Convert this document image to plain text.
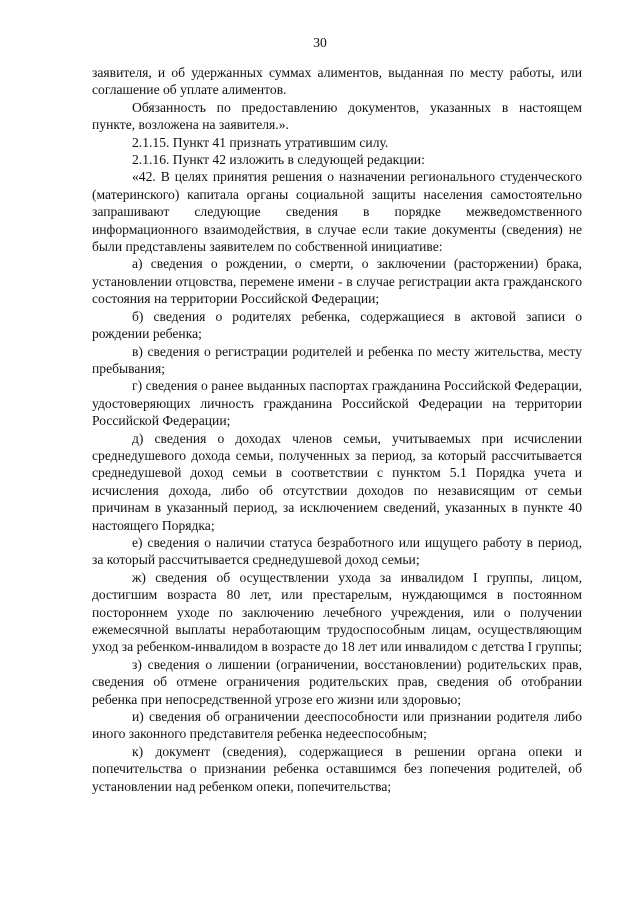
30

заявителя, и об удержанных суммах алиментов, выданная по месту работы, или соглашение об уплате алиментов.

Обязанность по предоставлению документов, указанных в настоящем пункте, возложена на заявителя.».

2.1.15. Пункт 41 признать утратившим силу.

2.1.16. Пункт 42 изложить в следующей редакции:

«42. В целях принятия решения о назначении регионального студенческого (материнского) капитала органы социальной защиты населения самостоятельно запрашивают следующие сведения в порядке межведомственного информационного взаимодействия, в случае если такие документы (сведения) не были представлены заявителем по собственной инициативе:

а) сведения о рождении, о смерти, о заключении (расторжении) брака, установлении отцовства, перемене имени - в случае регистрации акта гражданского состояния на территории Российской Федерации;

б) сведения о родителях ребенка, содержащиеся в актовой записи о рождении ребенка;

в) сведения о регистрации родителей и ребенка по месту жительства, месту пребывания;

г) сведения о ранее выданных паспортах гражданина Российской Федерации, удостоверяющих личность гражданина Российской Федерации на территории Российской Федерации;

д) сведения о доходах членов семьи, учитываемых при исчислении среднедушевого дохода семьи, полученных за период, за который рассчитывается среднедушевой доход семьи в соответствии с пунктом 5.1 Порядка учета и исчисления дохода, либо об отсутствии доходов по независящим от семьи причинам в указанный период, за исключением сведений, указанных в пункте 40 настоящего Порядка;

е) сведения о наличии статуса безработного или ищущего работу в период, за который рассчитывается среднедушевой доход семьи;

ж) сведения об осуществлении ухода за инвалидом I группы, лицом, достигшим возраста 80 лет, или престарелым, нуждающимся в постоянном постороннем уходе по заключению лечебного учреждения, или о получении ежемесячной выплаты неработающим трудоспособным лицам, осуществляющим уход за ребенком-инвалидом в возрасте до 18 лет или инвалидом с детства I группы;

з) сведения о лишении (ограничении, восстановлении) родительских прав, сведения об отмене ограничения родительских прав, сведения об отобрании ребенка при непосредственной угрозе его жизни или здоровью;

и) сведения об ограничении дееспособности или признании родителя либо иного законного представителя ребенка недееспособным;

к) документ (сведения), содержащиеся в решении органа опеки и попечительства о признании ребенка оставшимся без попечения родителей, об установлении над ребенком опеки, попечительства;
